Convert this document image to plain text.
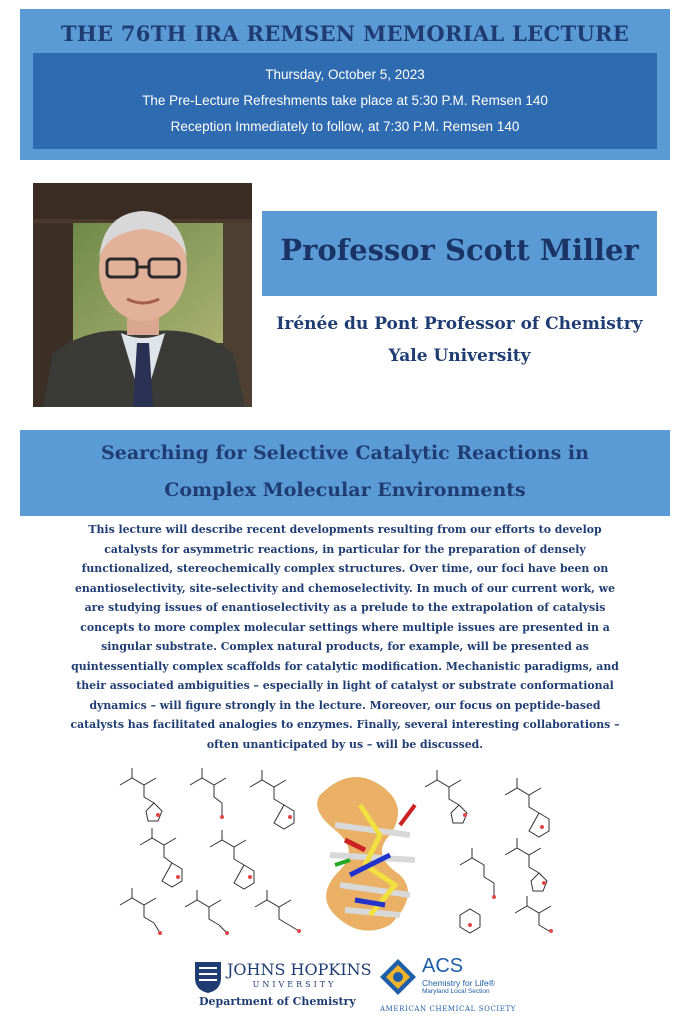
THE 76TH IRA REMSEN MEMORIAL LECTURE
Thursday, October 5, 2023
The Pre-Lecture Refreshments take place at 5:30 P.M. Remsen 140
Reception Immediately to follow, at 7:30 P.M. Remsen 140
Professor Scott Miller
Irénée du Pont Professor of Chemistry
Yale University
Searching for Selective Catalytic Reactions in
Complex Molecular Environments
This lecture will describe recent developments resulting from our efforts to develop
catalysts for asymmetric reactions, in particular for the preparation of densely
functionalized, stereochemically complex structures. Over time, our foci have been on
enantioselectivity, site-selectivity and chemoselectivity. In much of our current work, we
are studying issues of enantioselectivity as a prelude to the extrapolation of catalysis
concepts to more complex molecular settings where multiple issues are presented in a
singular substrate. Complex natural products, for example, will be presented as
quintessentially complex scaffolds for catalytic modification. Mechanistic paradigms, and
their associated ambiguities – especially in light of catalyst or substrate conformational
dynamics – will figure strongly in the lecture. Moreover, our focus on peptide-based
catalysts has facilitated analogies to enzymes. Finally, several interesting collaborations –
often unanticipated by us – will be discussed.
JOHNS HOPKINS
UNIVERSITY
Department of Chemistry
ACS
Chemistry for Life®
Maryland Local Section
AMERICAN CHEMICAL SOCIETY
